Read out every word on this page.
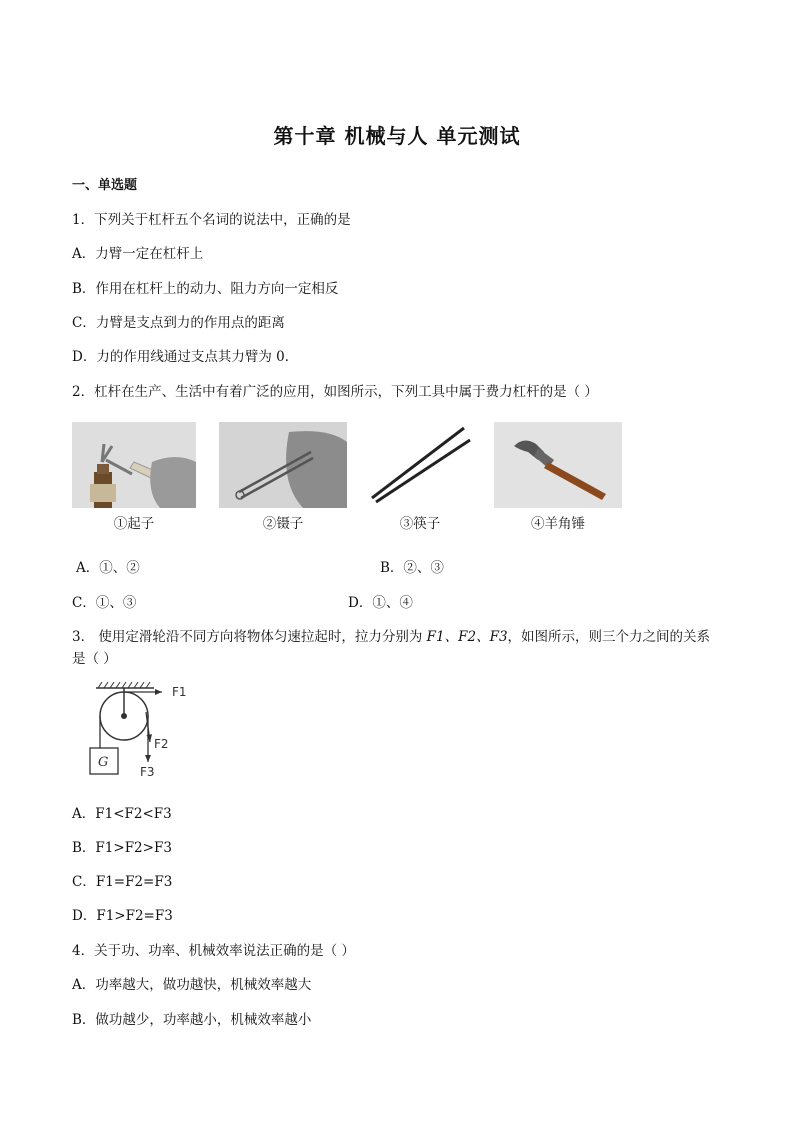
第十章 机械与人 单元测试
一、单选题
1．下列关于杠杆五个名词的说法中，正确的是
A．力臂一定在杠杆上
B．作用在杠杆上的动力、阻力方向一定相反
C．力臂是支点到力的作用点的距离
D．力的作用线通过支点其力臂为 0．
2．杠杆在生产、生活中有着广泛的应用，如图所示，下列工具中属于费力杠杆的是（ ）
①起子	②镊子	③筷子	④羊角锤
A．①、②	B．②、③
C．①、③	D．①、④
3． 使用定滑轮沿不同方向将物体匀速拉起时，拉力分别为 F1、F2、F3，如图所示，则三个力之间的关系
是（ ）
F1
F2
F3
G
A．F1<F2<F3
B．F1>F2>F3
C．F1=F2=F3
D．F1>F2=F3
4．关于功、功率、机械效率说法正确的是（ ）
A．功率越大，做功越快，机械效率越大
B．做功越少，功率越小，机械效率越小
